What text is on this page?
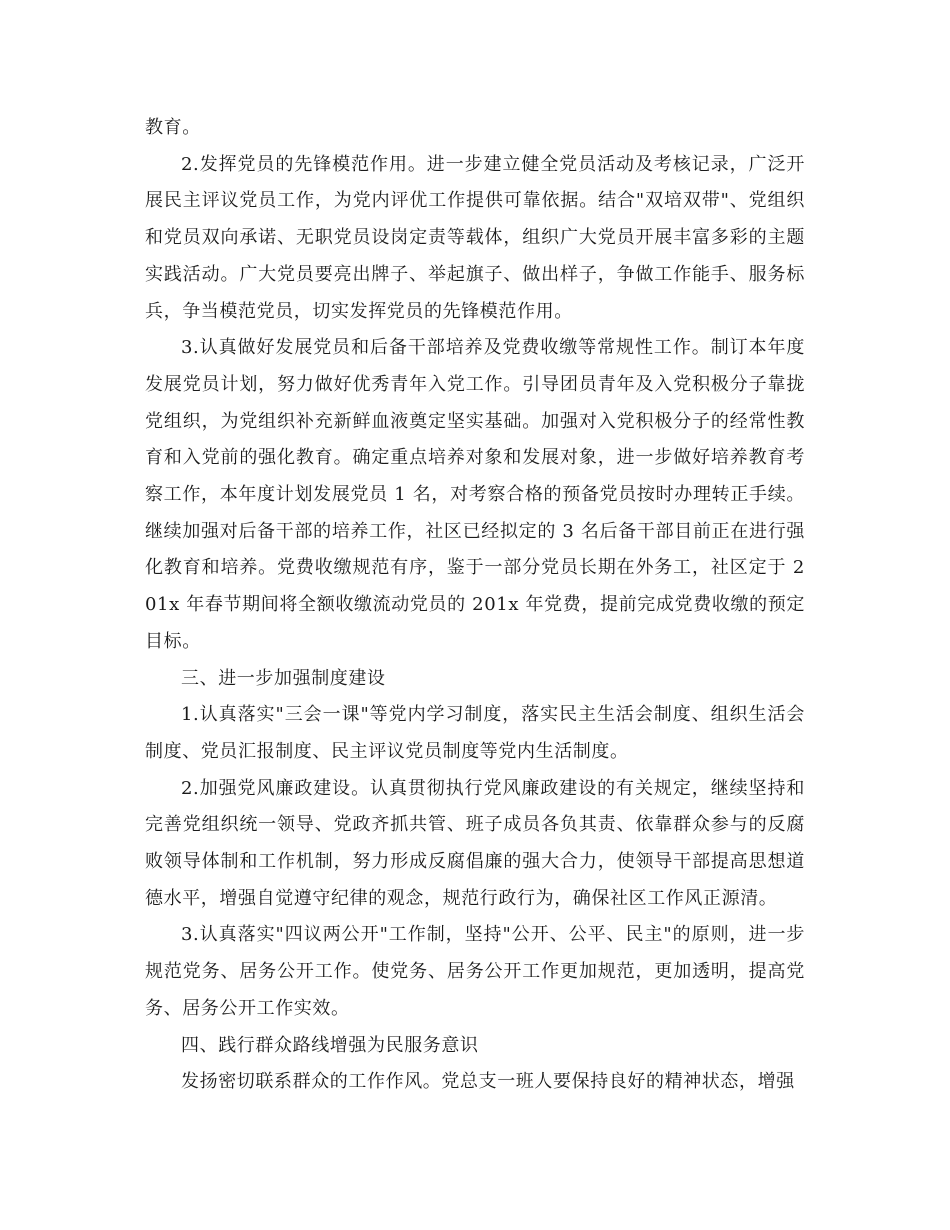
教育。

2.发挥党员的先锋模范作用。进一步建立健全党员活动及考核记录，广泛开展民主评议党员工作，为党内评优工作提供可靠依据。结合"双培双带"、党组织和党员双向承诺、无职党员设岗定责等载体，组织广大党员开展丰富多彩的主题实践活动。广大党员要亮出牌子、举起旗子、做出样子，争做工作能手、服务标兵，争当模范党员，切实发挥党员的先锋模范作用。

3.认真做好发展党员和后备干部培养及党费收缴等常规性工作。制订本年度发展党员计划，努力做好优秀青年入党工作。引导团员青年及入党积极分子靠拢党组织，为党组织补充新鲜血液奠定坚实基础。加强对入党积极分子的经常性教育和入党前的强化教育。确定重点培养对象和发展对象，进一步做好培养教育考察工作，本年度计划发展党员 1 名，对考察合格的预备党员按时办理转正手续。继续加强对后备干部的培养工作，社区已经拟定的 3 名后备干部目前正在进行强化教育和培养。党费收缴规范有序，鉴于一部分党员长期在外务工，社区定于 201x 年春节期间将全额收缴流动党员的 201x 年党费，提前完成党费收缴的预定目标。

三、进一步加强制度建设

1.认真落实"三会一课"等党内学习制度，落实民主生活会制度、组织生活会制度、党员汇报制度、民主评议党员制度等党内生活制度。

2.加强党风廉政建设。认真贯彻执行党风廉政建设的有关规定，继续坚持和完善党组织统一领导、党政齐抓共管、班子成员各负其责、依靠群众参与的反腐败领导体制和工作机制，努力形成反腐倡廉的强大合力，使领导干部提高思想道德水平，增强自觉遵守纪律的观念，规范行政行为，确保社区工作风正源清。

3.认真落实"四议两公开"工作制，坚持"公开、公平、民主"的原则，进一步规范党务、居务公开工作。使党务、居务公开工作更加规范，更加透明，提高党务、居务公开工作实效。

四、践行群众路线增强为民服务意识

发扬密切联系群众的工作作风。党总支一班人要保持良好的精神状态，增强
